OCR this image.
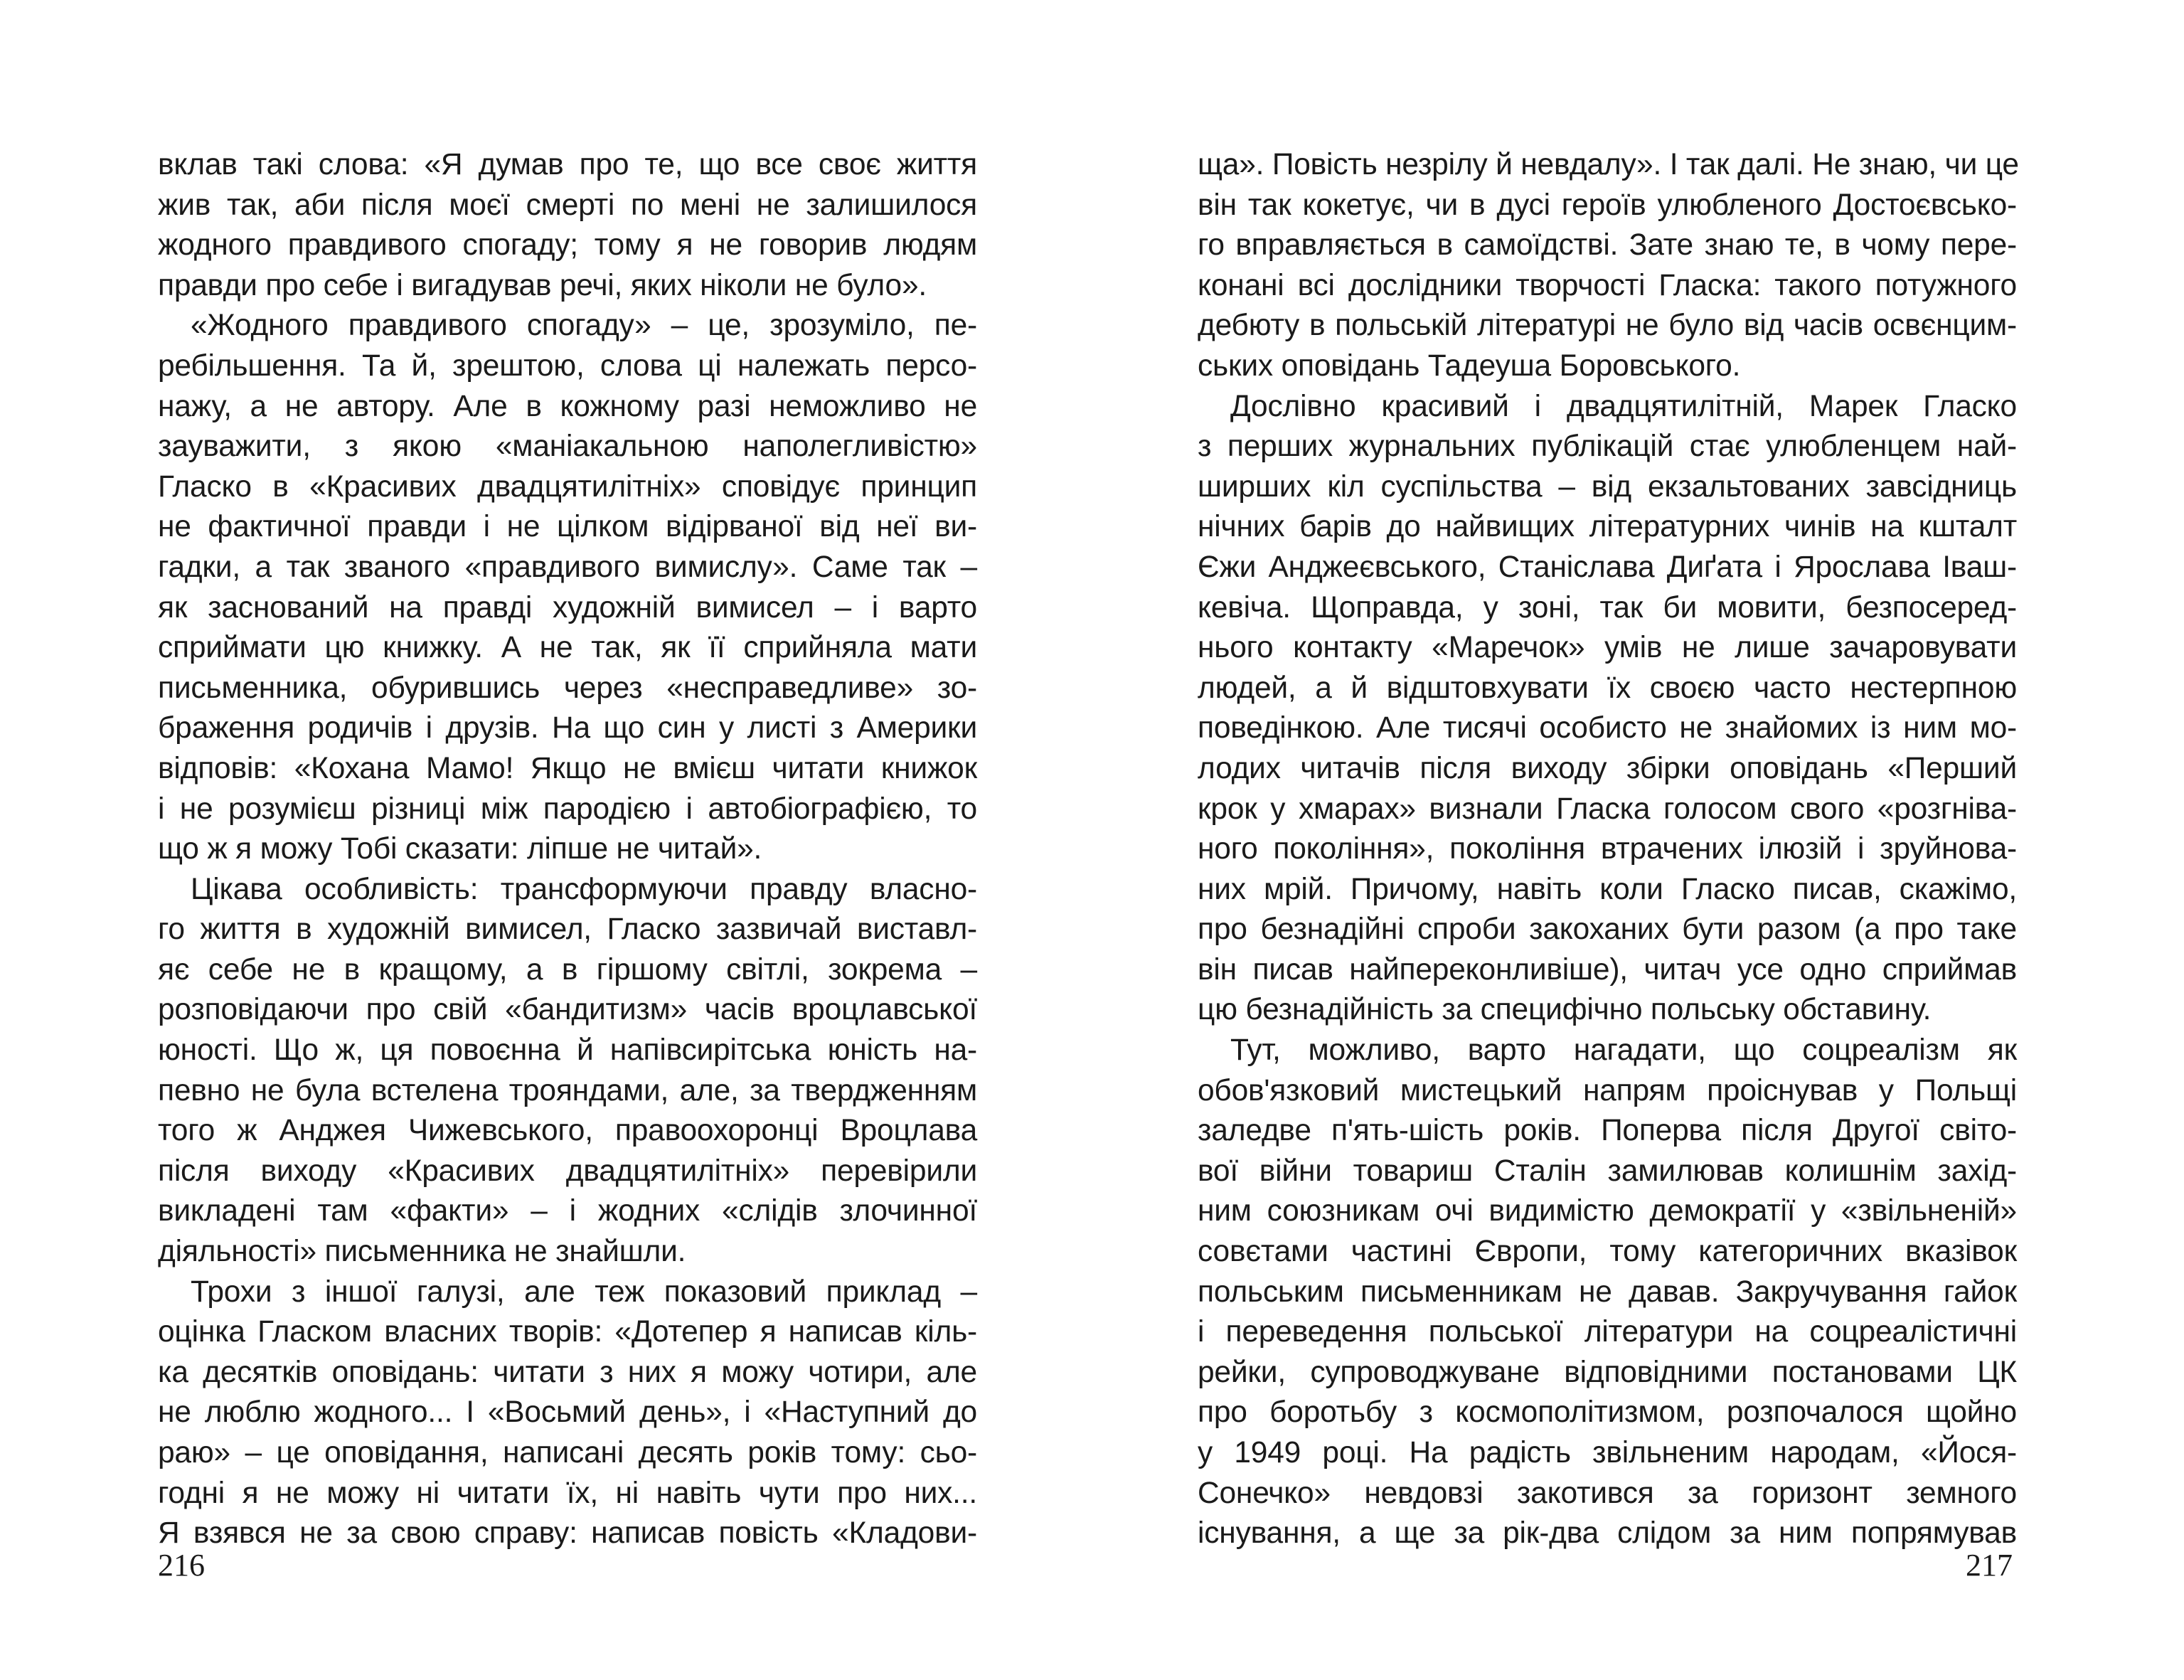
вклав такі слова: «Я думав про те, що все своє життя
жив так, аби після моєї смерті по мені не залишилося
жодного правдивого спогаду; тому я не говорив людям
правди про себе і вигадував речі, яких ніколи не було».
«Жодного правдивого спогаду» – це, зрозуміло, пе-
ребільшення. Та й, зрештою, слова ці належать персо-
нажу, а не автору. Але в кожному разі неможливо не
зауважити, з якою «маніакальною наполегливістю»
Гласко в «Красивих двадцятилітніх» сповідує принцип
не фактичної правди і не цілком відірваної від неї ви-
гадки, а так званого «правдивого вимислу». Саме так –
як заснований на правді художній вимисел – і варто
сприймати цю книжку. А не так, як її сприйняла мати
письменника, обурившись через «несправедливе» зо-
браження родичів і друзів. На що син у листі з Америки
відповів: «Кохана Мамо! Якщо не вмієш читати книжок
і не розумієш різниці між пародією і автобіографією, то
що ж я можу Тобі сказати: ліпше не читай».
Цікава особливість: трансформуючи правду власно-
го життя в художній вимисел, Гласко зазвичай виставл-
яє себе не в кращому, а в гіршому світлі, зокрема –
розповідаючи про свій «бандитизм» часів вроцлавської
юності. Що ж, ця повоєнна й напівсирітська юність на-
певно не була встелена трояндами, але, за твердженням
того ж Анджея Чижевського, правоохоронці Вроцлава
після виходу «Красивих двадцятилітніх» перевірили
викладені там «факти» – і жодних «слідів злочинної
діяльності» письменника не знайшли.
Трохи з іншої галузі, але теж показовий приклад –
оцінка Гласком власних творів: «Дотепер я написав кіль-
ка десятків оповідань: читати з них я можу чотири, але
не люблю жодного... І «Восьмий день», і «Наступний до
раю» – це оповідання, написані десять років тому: сьо-
годні я не можу ні читати їх, ні навіть чути про них...
Я взявся не за свою справу: написав повість «Кладови-
216
ща». Повість незрілу й невдалу». І так далі. Не знаю, чи це
він так кокетує, чи в дусі героїв улюбленого Достоєвсько-
го вправляється в самоїдстві. Зате знаю те, в чому пере-
конані всі дослідники творчості Гласка: такого потужного
дебюту в польській літературі не було від часів освєнцим-
ських оповідань Тадеуша Боровського.
Дослівно красивий і двадцятилітній, Марек Гласко
з перших журнальних публікацій стає улюбленцем най-
ширших кіл суспільства – від екзальтованих завсідниць
нічних барів до найвищих літературних чинів на кшталт
Єжи Анджеєвського, Станіслава Диґата і Ярослава Іваш-
кевіча. Щоправда, у зоні, так би мовити, безпосеред-
нього контакту «Маречок» умів не лише зачаровувати
людей, а й відштовхувати їх своєю часто нестерпною
поведінкою. Але тисячі особисто не знайомих із ним мо-
лодих читачів після виходу збірки оповідань «Перший
крок у хмарах» визнали Гласка голосом свого «розгніва-
ного покоління», покоління втрачених ілюзій і зруйнова-
них мрій. Причому, навіть коли Гласко писав, скажімо,
про безнадійні спроби закоханих бути разом (а про таке
він писав найпереконливіше), читач усе одно сприймав
цю безнадійність за специфічно польську обставину.
Тут, можливо, варто нагадати, що соцреалізм як
обов'язковий мистецький напрям проіснував у Польщі
заледве п'ять-шість років. Поперва після Другої світо-
вої війни товариш Сталін замилював колишнім захід-
ним союзникам очі видимістю демократії у «звільненій»
совєтами частині Європи, тому категоричних вказівок
польським письменникам не давав. Закручування гайок
і переведення польської літератури на соцреалістичні
рейки, супроводжуване відповідними постановами ЦК
про боротьбу з космополітизмом, розпочалося щойно
у 1949 році. На радість звільненим народам, «Йося-
Сонечко» невдовзі закотився за горизонт земного
існування, а ще за рік-два слідом за ним попрямував
217
